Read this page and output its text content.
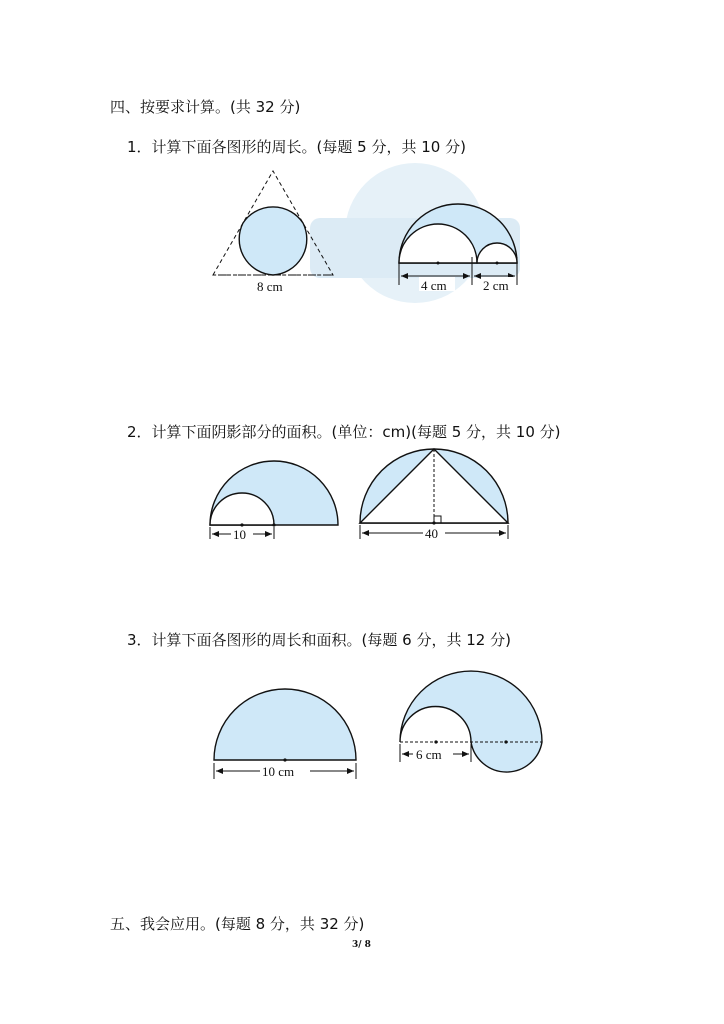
四、按要求计算。(共 32 分)
1．计算下面各图形的周长。(每题 5 分，共 10 分)
8 cm	4 cm	2 cm
2．计算下面阴影部分的面积。(单位：cm)(每题 5 分，共 10 分)
10	40
3．计算下面各图形的周长和面积。(每题 6 分，共 12 分)
10 cm
6 cm
五、我会应用。(每题 8 分，共 32 分)
3/ 8
